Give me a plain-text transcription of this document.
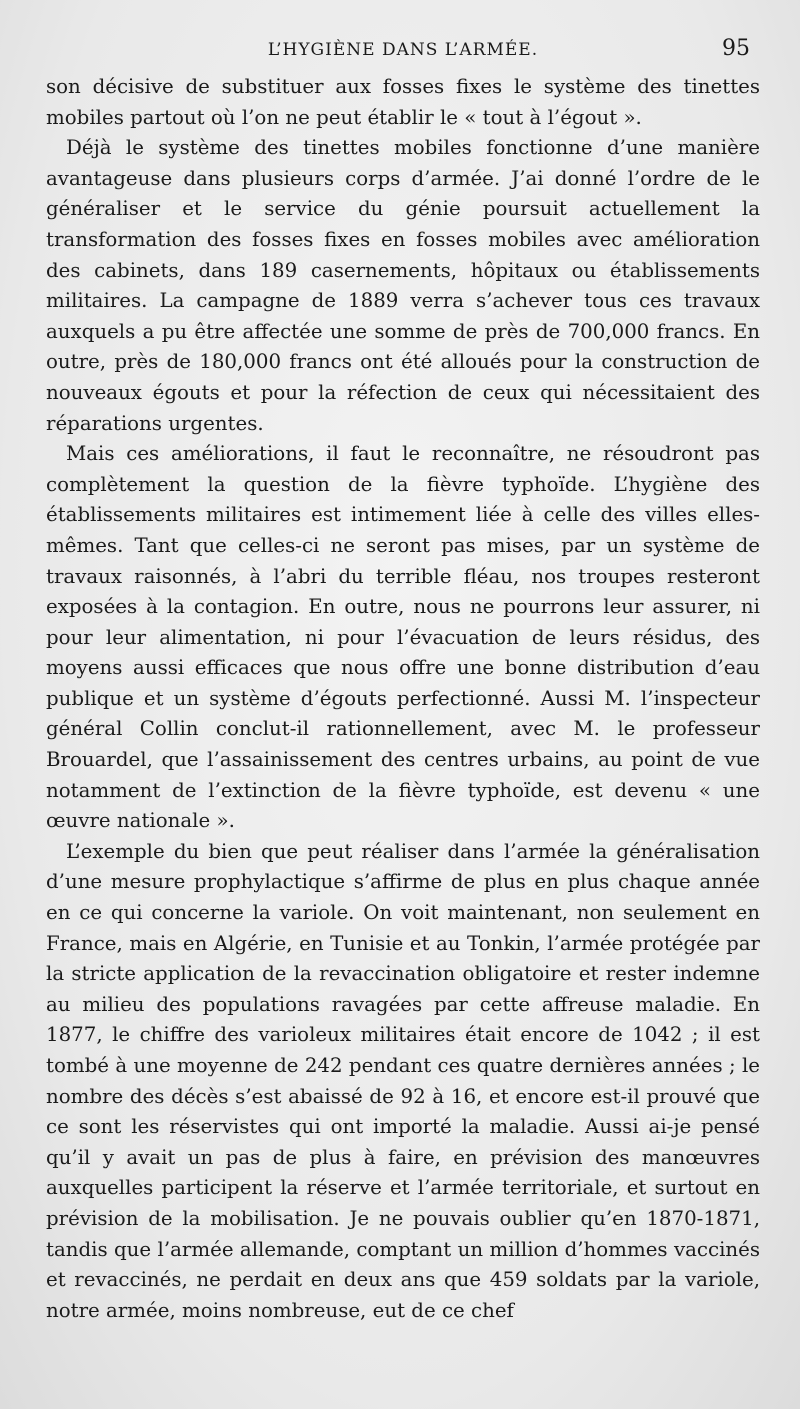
L’HYGIÈNE DANS L’ARMÉE.	95

son décisive de substituer aux fosses fixes le système des tinettes mobiles partout où l’on ne peut établir le « tout à l’égout ».

Déjà le système des tinettes mobiles fonctionne d’une manière avantageuse dans plusieurs corps d’armée. J’ai donné l’ordre de le généraliser et le service du génie poursuit actuellement la transformation des fosses fixes en fosses mobiles avec amélioration des cabinets, dans 189 casernements, hôpitaux ou établissements militaires. La campagne de 1889 verra s’achever tous ces travaux auxquels a pu être affectée une somme de près de 700,000 francs. En outre, près de 180,000 francs ont été alloués pour la construction de nouveaux égouts et pour la réfection de ceux qui nécessitaient des réparations urgentes.

Mais ces améliorations, il faut le reconnaître, ne résoudront pas complètement la question de la fièvre typhoïde. L’hygiène des établissements militaires est intimement liée à celle des villes elles-mêmes. Tant que celles-ci ne seront pas mises, par un système de travaux raisonnés, à l’abri du terrible fléau, nos troupes resteront exposées à la contagion. En outre, nous ne pourrons leur assurer, ni pour leur alimentation, ni pour l’évacuation de leurs résidus, des moyens aussi efficaces que nous offre une bonne distribution d’eau publique et un système d’égouts perfectionné. Aussi M. l’inspecteur général Collin conclut-il rationnellement, avec M. le professeur Brouardel, que l’assainissement des centres urbains, au point de vue notamment de l’extinction de la fièvre typhoïde, est devenu « une œuvre nationale ».

L’exemple du bien que peut réaliser dans l’armée la généralisation d’une mesure prophylactique s’affirme de plus en plus chaque année en ce qui concerne la variole. On voit maintenant, non seulement en France, mais en Algérie, en Tunisie et au Tonkin, l’armée protégée par la stricte application de la revaccination obligatoire et rester indemne au milieu des populations ravagées par cette affreuse maladie. En 1877, le chiffre des varioleux militaires était encore de 1042 ; il est tombé à une moyenne de 242 pendant ces quatre dernières années ; le nombre des décès s’est abaissé de 92 à 16, et encore est-il prouvé que ce sont les réservistes qui ont importé la maladie. Aussi ai-je pensé qu’il y avait un pas de plus à faire, en prévision des manœuvres auxquelles participent la réserve et l’armée territoriale, et surtout en prévision de la mobilisation. Je ne pouvais oublier qu’en 1870-1871, tandis que l’armée allemande, comptant un million d’hommes vaccinés et revaccinés, ne perdait en deux ans que 459 soldats par la variole, notre armée, moins nombreuse, eut de ce chef
